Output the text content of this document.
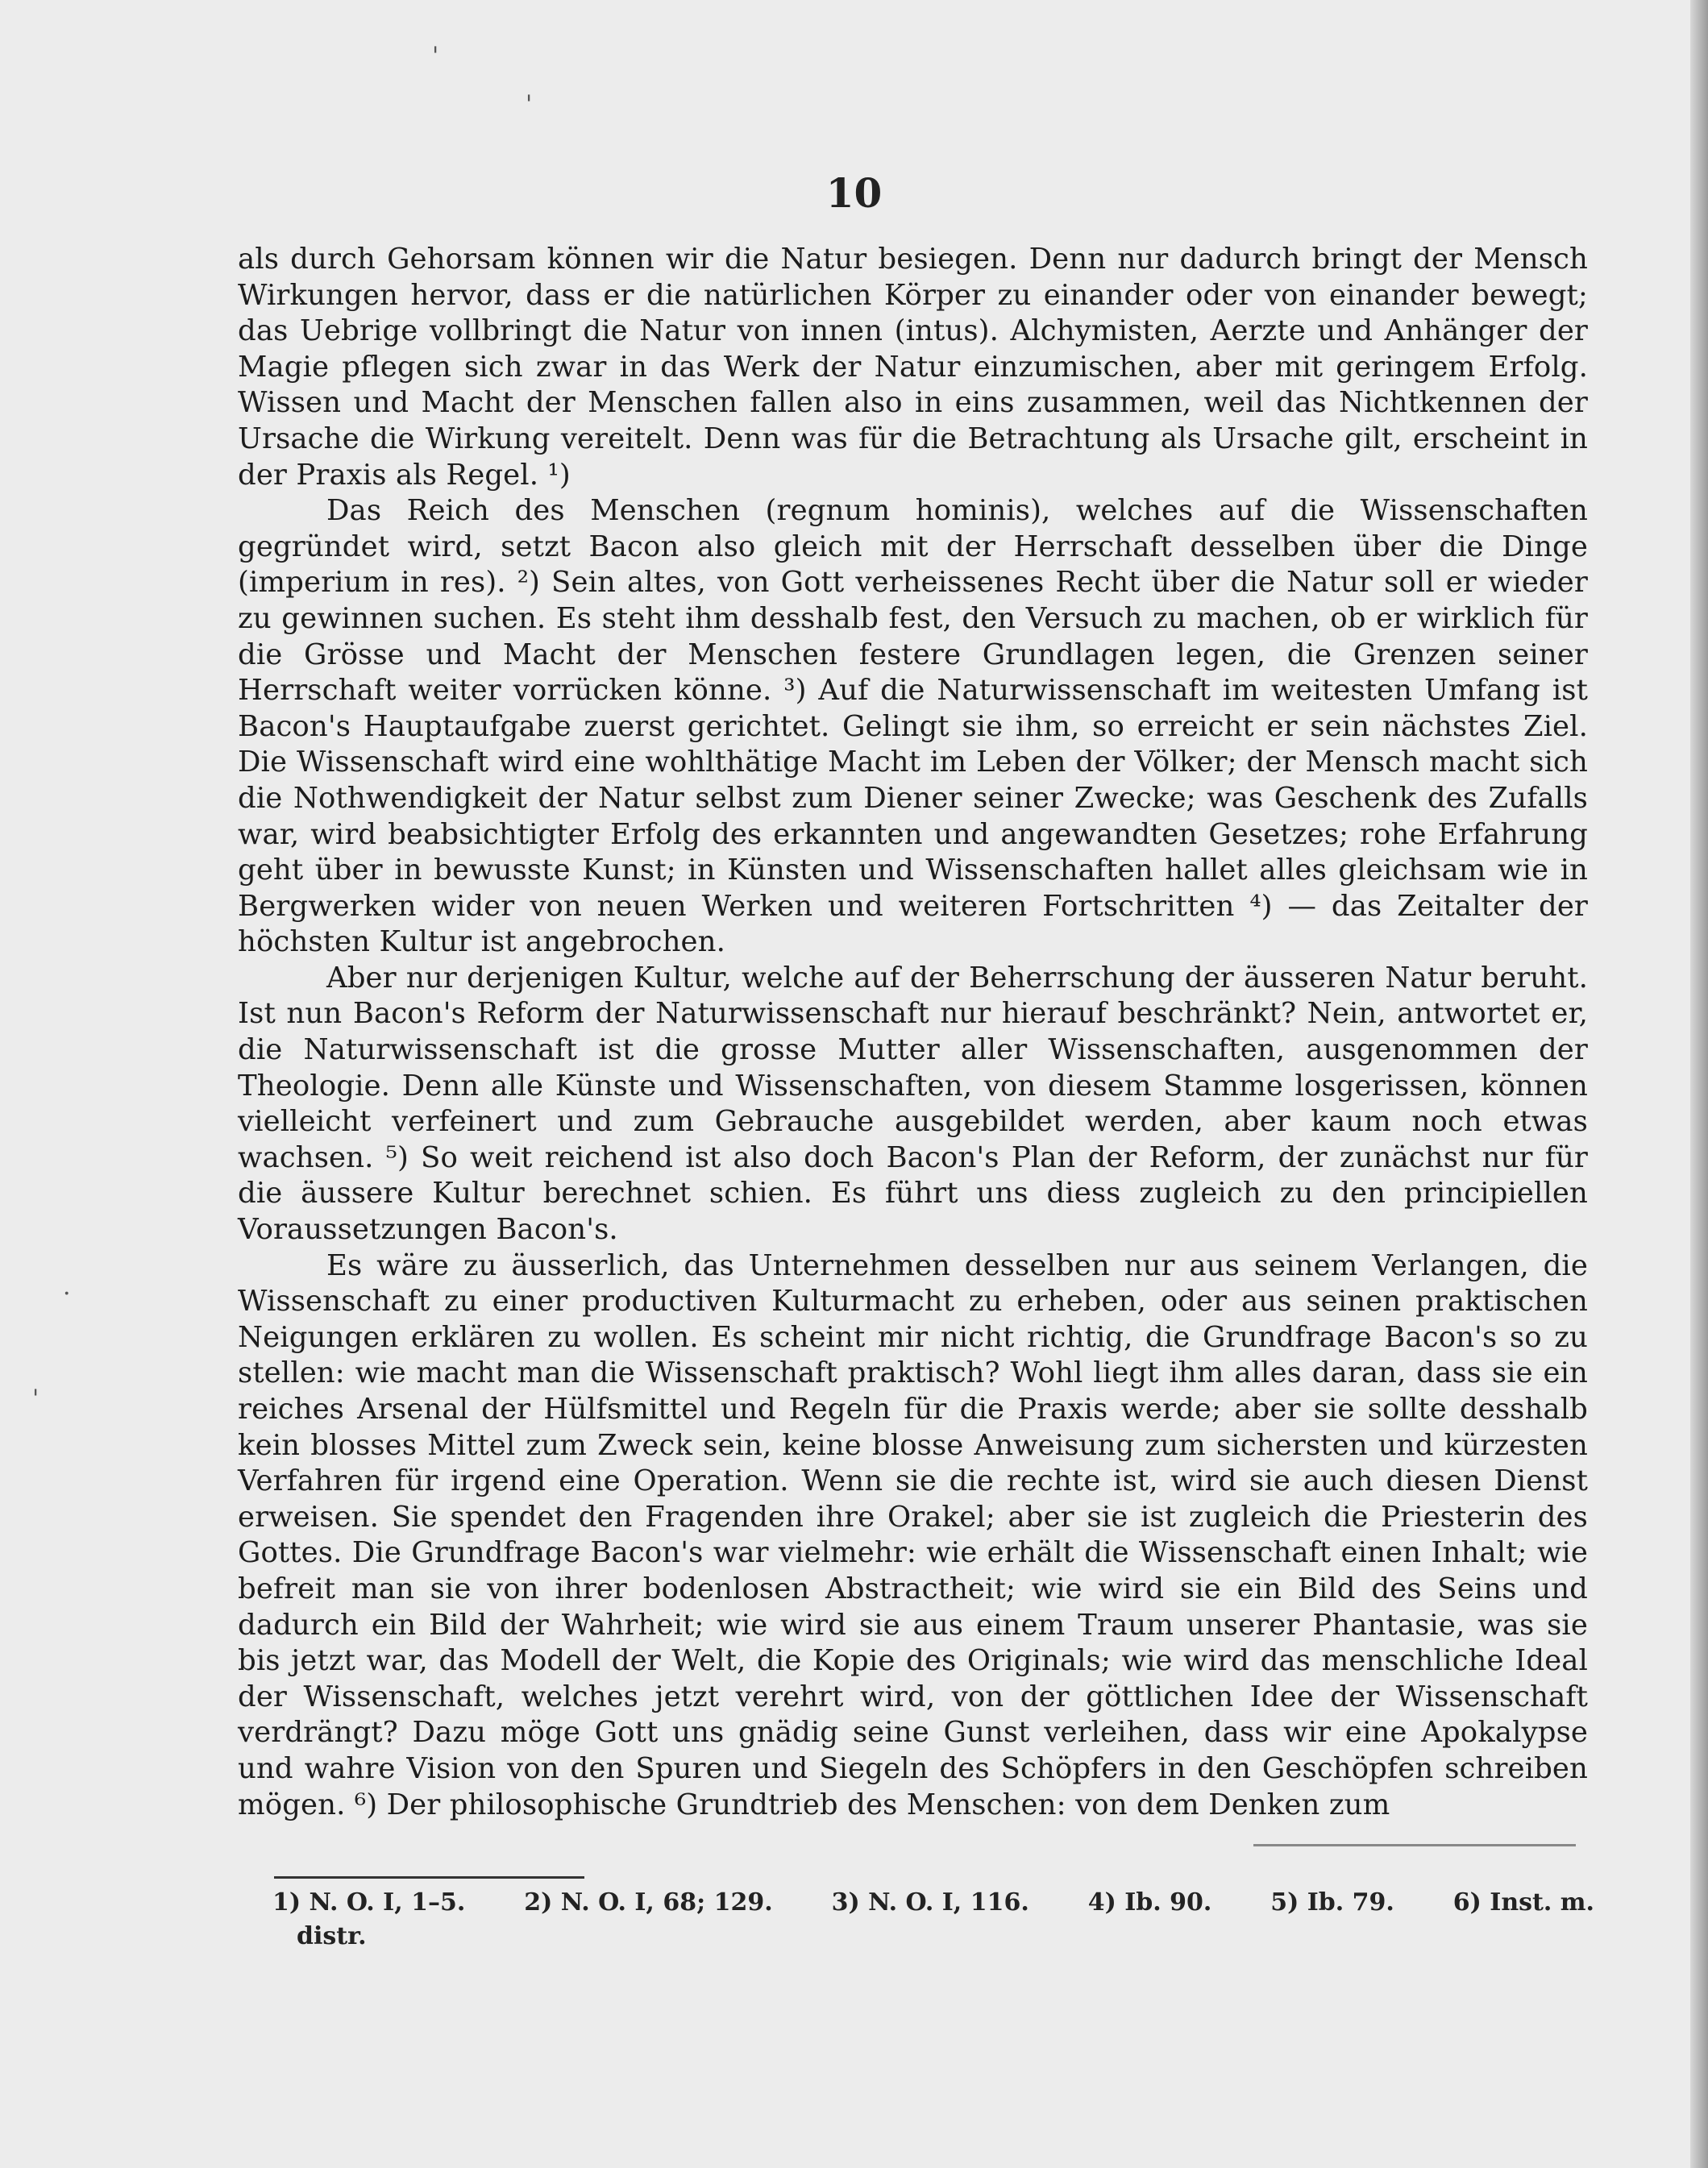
'
'
·
'
10

als durch Gehorsam können wir die Natur besiegen. Denn nur dadurch bringt der Mensch Wirkungen hervor, dass er die natürlichen Körper zu einander oder von einander bewegt; das Uebrige vollbringt die Natur von innen (intus). Alchymisten, Aerzte und Anhänger der Magie pflegen sich zwar in das Werk der Natur einzumischen, aber mit geringem Erfolg. Wissen und Macht der Menschen fallen also in eins zusammen, weil das Nichtkennen der Ursache die Wirkung vereitelt. Denn was für die Betrachtung als Ursache gilt, erscheint in der Praxis als Regel. ¹)

Das Reich des Menschen (regnum hominis), welches auf die Wissenschaften gegründet wird, setzt Bacon also gleich mit der Herrschaft desselben über die Dinge (imperium in res). ²) Sein altes, von Gott verheissenes Recht über die Natur soll er wieder zu gewinnen suchen. Es steht ihm desshalb fest, den Versuch zu machen, ob er wirklich für die Grösse und Macht der Menschen festere Grundlagen legen, die Grenzen seiner Herrschaft weiter vorrücken könne. ³) Auf die Naturwissenschaft im weitesten Umfang ist Bacon's Hauptaufgabe zuerst gerichtet. Gelingt sie ihm, so erreicht er sein nächstes Ziel. Die Wissenschaft wird eine wohlthätige Macht im Leben der Völker; der Mensch macht sich die Nothwendigkeit der Natur selbst zum Diener seiner Zwecke; was Geschenk des Zufalls war, wird beabsichtigter Erfolg des erkannten und angewandten Gesetzes; rohe Erfahrung geht über in bewusste Kunst; in Künsten und Wissenschaften hallet alles gleichsam wie in Bergwerken wider von neuen Werken und weiteren Fortschritten ⁴) — das Zeitalter der höchsten Kultur ist angebrochen.

Aber nur derjenigen Kultur, welche auf der Beherrschung der äusseren Natur beruht. Ist nun Bacon's Reform der Naturwissenschaft nur hierauf beschränkt? Nein, antwortet er, die Naturwissenschaft ist die grosse Mutter aller Wissenschaften, ausgenommen der Theologie. Denn alle Künste und Wissenschaften, von diesem Stamme losgerissen, können vielleicht verfeinert und zum Gebrauche ausgebildet werden, aber kaum noch etwas wachsen. ⁵) So weit reichend ist also doch Bacon's Plan der Reform, der zunächst nur für die äussere Kultur berechnet schien. Es führt uns diess zugleich zu den principiellen Voraussetzungen Bacon's.

Es wäre zu äusserlich, das Unternehmen desselben nur aus seinem Verlangen, die Wissenschaft zu einer productiven Kulturmacht zu erheben, oder aus seinen praktischen Neigungen erklären zu wollen. Es scheint mir nicht richtig, die Grundfrage Bacon's so zu stellen: wie macht man die Wissenschaft praktisch? Wohl liegt ihm alles daran, dass sie ein reiches Arsenal der Hülfsmittel und Regeln für die Praxis werde; aber sie sollte desshalb kein blosses Mittel zum Zweck sein, keine blosse Anweisung zum sichersten und kürzesten Verfahren für irgend eine Operation. Wenn sie die rechte ist, wird sie auch diesen Dienst erweisen. Sie spendet den Fragenden ihre Orakel; aber sie ist zugleich die Priesterin des Gottes. Die Grundfrage Bacon's war vielmehr: wie erhält die Wissenschaft einen Inhalt; wie befreit man sie von ihrer bodenlosen Abstractheit; wie wird sie ein Bild des Seins und dadurch ein Bild der Wahrheit; wie wird sie aus einem Traum unserer Phantasie, was sie bis jetzt war, das Modell der Welt, die Kopie des Originals; wie wird das menschliche Ideal der Wissenschaft, welches jetzt verehrt wird, von der göttlichen Idee der Wissenschaft verdrängt? Dazu möge Gott uns gnädig seine Gunst verleihen, dass wir eine Apokalypse und wahre Vision von den Spuren und Siegeln des Schöpfers in den Geschöpfen schreiben mögen. ⁶) Der philosophische Grundtrieb des Menschen: von dem Denken zum

1) N. O. I, 1–5. 2) N. O. I, 68; 129. 3) N. O. I, 116. 4) Ib. 90. 5) Ib. 79. 6) Inst. m.
distr.
